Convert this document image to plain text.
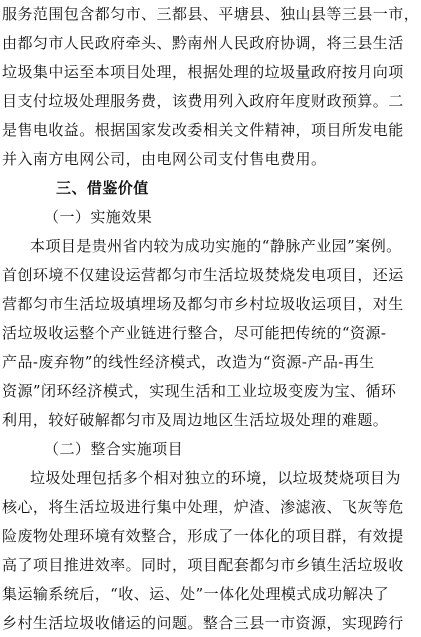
服务范围包含都匀市、三都县、平塘县、独山县等三县一市，
由都匀市人民政府牵头、黔南州人民政府协调，将三县生活
垃圾集中运至本项目处理，根据处理的垃圾量政府按月向项
目支付垃圾处理服务费，该费用列入政府年度财政预算。二
是售电收益。根据国家发改委相关文件精神，项目所发电能
并入南方电网公司，由电网公司支付售电费用。
三、借鉴价值
（一）实施效果
本项目是贵州省内较为成功实施的“静脉产业园”案例。
首创环境不仅建设运营都匀市生活垃圾焚烧发电项目，还运
营都匀市生活垃圾填埋场及都匀市乡村垃圾收运项目，对生
活垃圾收运整个产业链进行整合，尽可能把传统的“资源-
产品-废弃物”的线性经济模式，改造为“资源-产品-再生
资源”闭环经济模式，实现生活和工业垃圾变废为宝、循环
利用，较好破解都匀市及周边地区生活垃圾处理的难题。
（二）整合实施项目
垃圾处理包括多个相对独立的环境，以垃圾焚烧项目为
核心，将生活垃圾进行集中处理，炉渣、渗滤液、飞灰等危
险废物处理环境有效整合，形成了一体化的项目群，有效提
高了项目推进效率。同时，项目配套都匀市乡镇生活垃圾收
集运输系统后，“收、运、处”一体化处理模式成功解决了
乡村生活垃圾收储运的问题。整合三县一市资源，实现跨行
